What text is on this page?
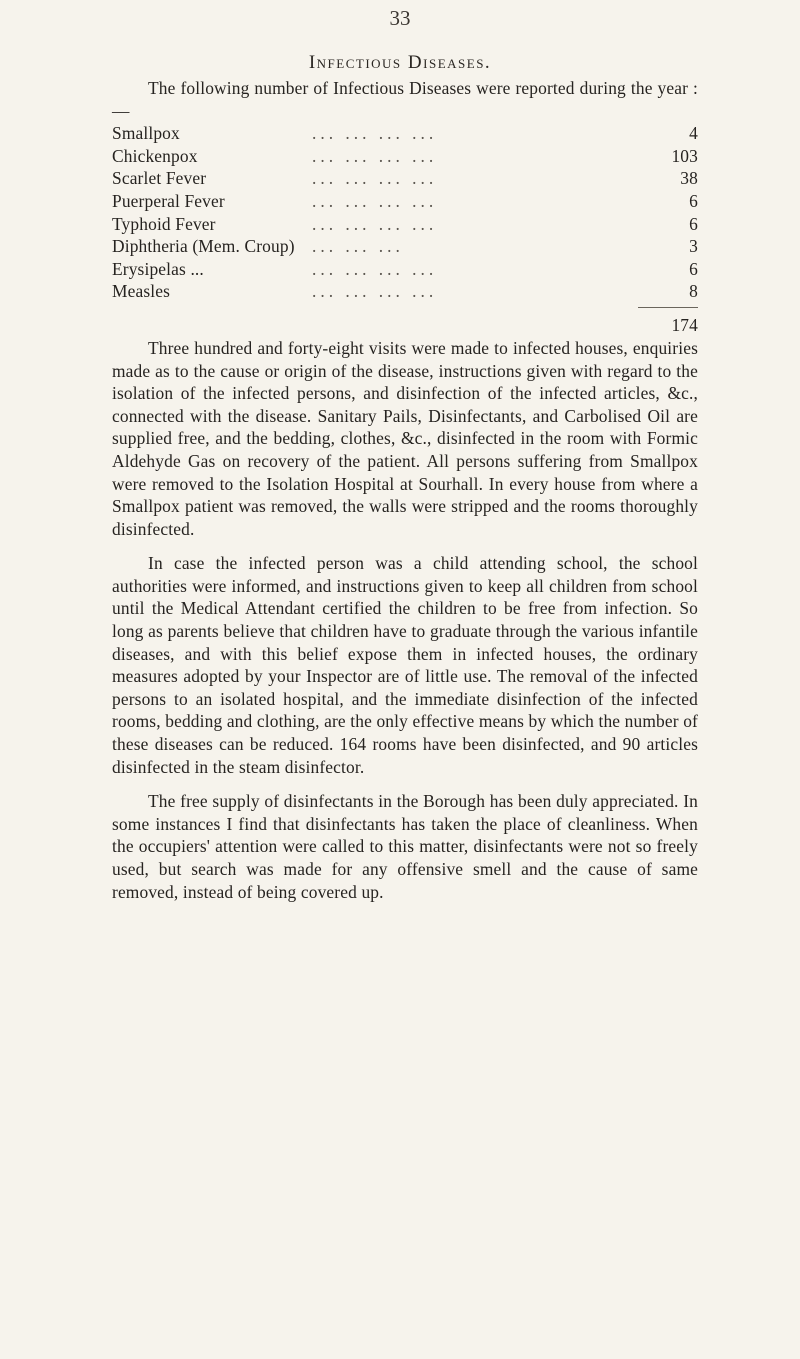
33
Infectious Diseases.

The following number of Infectious Diseases were reported during the year :—

Smallpox	... ... ... ...	4
Chickenpox	... ... ... ...	103
Scarlet Fever	... ... ... ...	38
Puerperal Fever	... ... ... ...	6
Typhoid Fever	... ... ... ...	6
Diphtheria (Mem. Croup) ... ... ...	3
Erysipelas ...	... ... ... ...	6
Measles	... ... ... ...	8
174

Three hundred and forty-eight visits were made to infected houses, enquiries made as to the cause or origin of the disease, instructions given with regard to the isolation of the infected persons, and disinfection of the infected articles, &c., connected with the disease. Sanitary Pails, Disinfectants, and Carbolised Oil are supplied free, and the bedding, clothes, &c., disinfected in the room with Formic Aldehyde Gas on recovery of the patient. All persons suffering from Smallpox were removed to the Isolation Hospital at Sourhall. In every house from where a Smallpox patient was removed, the walls were stripped and the rooms thoroughly disinfected.

In case the infected person was a child attending school, the school authorities were informed, and instructions given to keep all children from school until the Medical Attendant certified the children to be free from infection. So long as parents believe that children have to graduate through the various infantile diseases, and with this belief expose them in infected houses, the ordinary measures adopted by your Inspector are of little use. The removal of the infected persons to an isolated hospital, and the immediate disinfection of the infected rooms, bedding and clothing, are the only effective means by which the number of these diseases can be reduced. 164 rooms have been disinfected, and 90 articles disinfected in the steam disinfector.

The free supply of disinfectants in the Borough has been duly appreciated. In some instances I find that disinfectants has taken the place of cleanliness. When the occupiers' attention were called to this matter, disinfectants were not so freely used, but search was made for any offensive smell and the cause of same removed, instead of being covered up.
